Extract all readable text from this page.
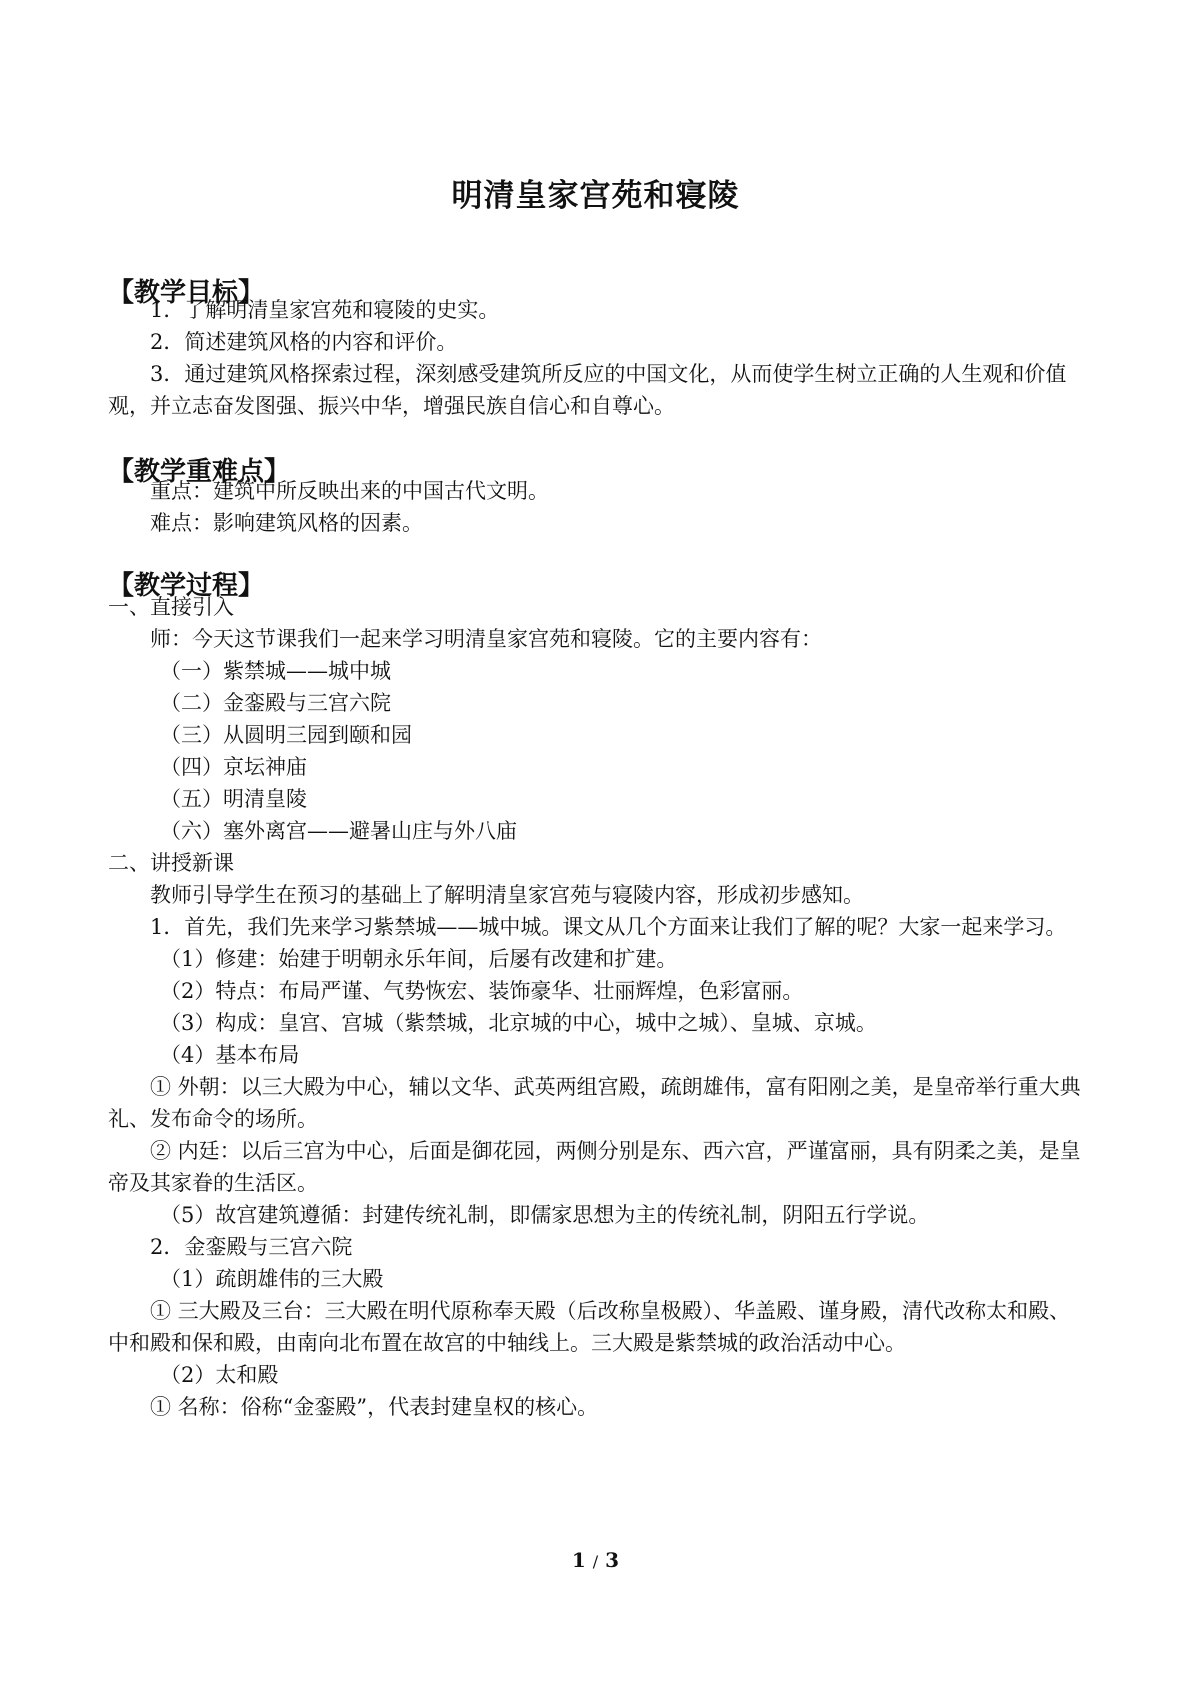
明清皇家宫苑和寝陵
【教学目标】

1．了解明清皇家宫苑和寝陵的史实。

2．简述建筑风格的内容和评价。

3．通过建筑风格探索过程，深刻感受建筑所反应的中国文化，从而使学生树立正确的人生观和价值观，并立志奋发图强、振兴中华，增强民族自信心和自尊心。

【教学重难点】

重点：建筑中所反映出来的中国古代文明。

难点：影响建筑风格的因素。

【教学过程】

一、直接引入

师：今天这节课我们一起来学习明清皇家宫苑和寝陵。它的主要内容有：

（一）紫禁城——城中城

（二）金銮殿与三宫六院

（三）从圆明三园到颐和园

（四）京坛神庙

（五）明清皇陵

（六）塞外离宫——避暑山庄与外八庙

二、讲授新课

教师引导学生在预习的基础上了解明清皇家宫苑与寝陵内容，形成初步感知。

1．首先，我们先来学习紫禁城——城中城。课文从几个方面来让我们了解的呢？大家一起来学习。

（1）修建：始建于明朝永乐年间，后屡有改建和扩建。

（2）特点：布局严谨、气势恢宏、装饰豪华、壮丽辉煌，色彩富丽。

（3）构成：皇宫、宫城（紫禁城，北京城的中心，城中之城）、皇城、京城。

（4）基本布局

① 外朝：以三大殿为中心，辅以文华、武英两组宫殿，疏朗雄伟，富有阳刚之美，是皇帝举行重大典礼、发布命令的场所。

② 内廷：以后三宫为中心，后面是御花园，两侧分别是东、西六宫，严谨富丽，具有阴柔之美，是皇帝及其家眷的生活区。

（5）故宫建筑遵循：封建传统礼制，即儒家思想为主的传统礼制，阴阳五行学说。

2．金銮殿与三宫六院

（1）疏朗雄伟的三大殿

① 三大殿及三台：三大殿在明代原称奉天殿（后改称皇极殿）、华盖殿、谨身殿，清代改称太和殿、中和殿和保和殿，由南向北布置在故宫的中轴线上。三大殿是紫禁城的政治活动中心。

（2）太和殿

① 名称：俗称“金銮殿”，代表封建皇权的核心。

1 / 3
